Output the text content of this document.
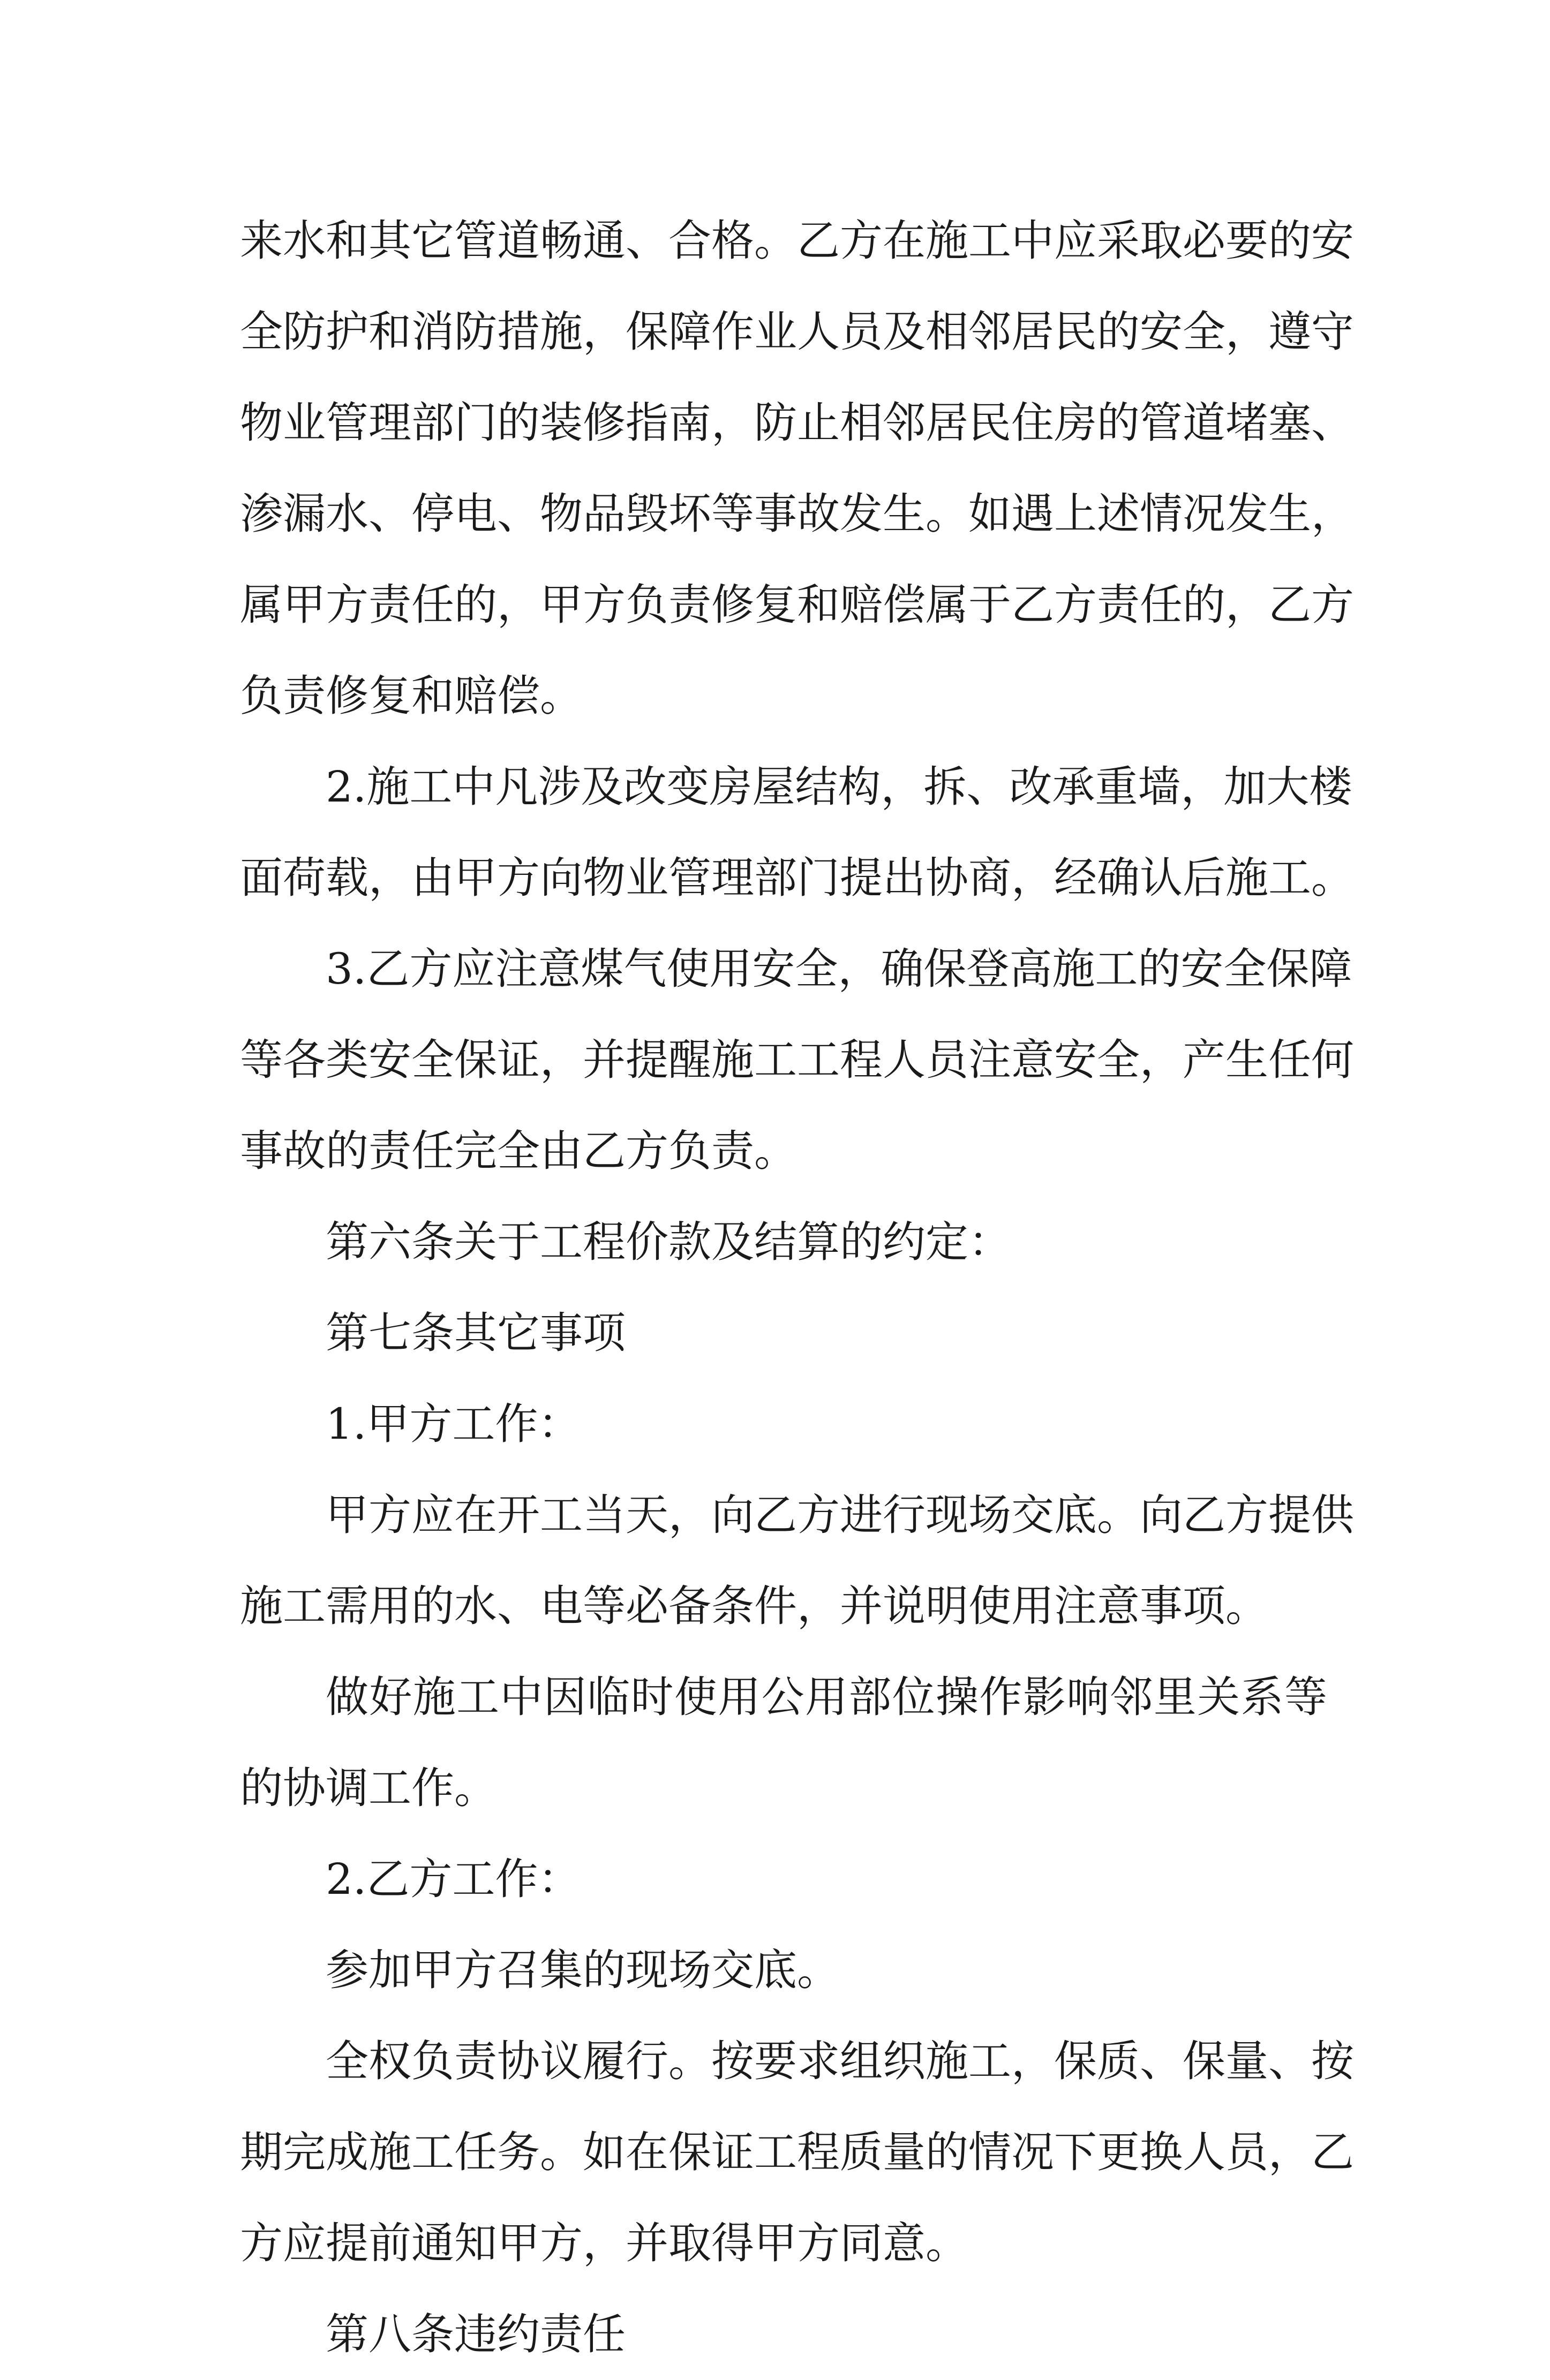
来水和其它管道畅通、合格。乙方在施工中应采取必要的安
全防护和消防措施，保障作业人员及相邻居民的安全，遵守
物业管理部门的装修指南，防止相邻居民住房的管道堵塞、
渗漏水、停电、物品毁坏等事故发生。如遇上述情况发生，
属甲方责任的，甲方负责修复和赔偿属于乙方责任的，乙方
负责修复和赔偿。
2.施工中凡涉及改变房屋结构，拆、改承重墙，加大楼
面荷载，由甲方向物业管理部门提出协商，经确认后施工。
3.乙方应注意煤气使用安全，确保登高施工的安全保障
等各类安全保证，并提醒施工工程人员注意安全，产生任何
事故的责任完全由乙方负责。
第六条关于工程价款及结算的约定：
第七条其它事项
1.甲方工作：
甲方应在开工当天，向乙方进行现场交底。向乙方提供
施工需用的水、电等必备条件，并说明使用注意事项。
做好施工中因临时使用公用部位操作影响邻里关系等
的协调工作。
2.乙方工作：
参加甲方召集的现场交底。
全权负责协议履行。按要求组织施工，保质、保量、按
期完成施工任务。如在保证工程质量的情况下更换人员，乙
方应提前通知甲方，并取得甲方同意。
第八条违约责任
